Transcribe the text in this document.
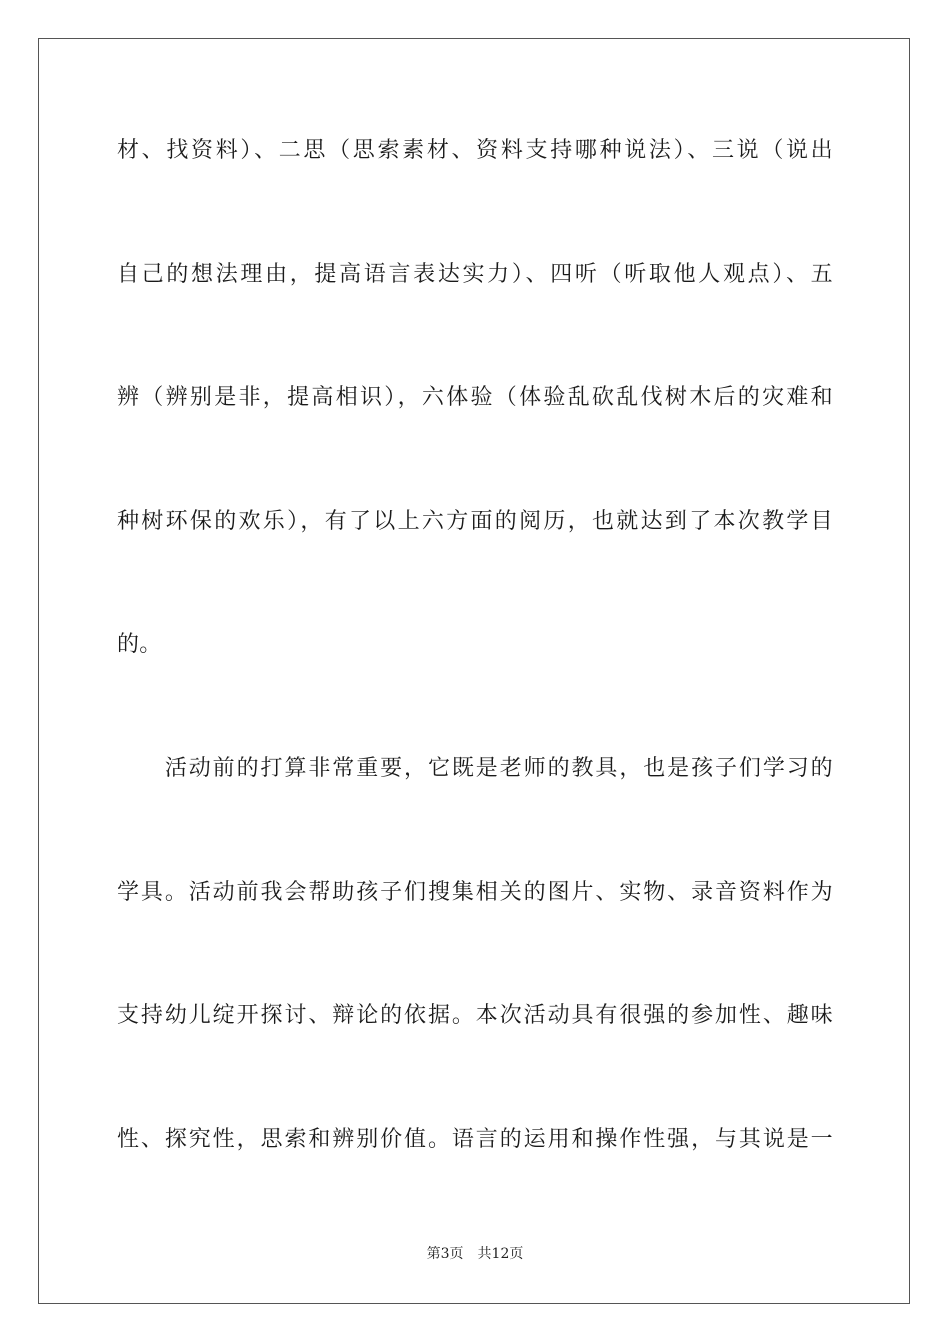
材、找资料）、二思（思索素材、资料支持哪种说法）、三说（说出
自己的想法理由，提高语言表达实力）、四听（听取他人观点）、五
辨（辨别是非，提高相识），六体验（体验乱砍乱伐树木后的灾难和
种树环保的欢乐），有了以上六方面的阅历，也就达到了本次教学目
的。
　　活动前的打算非常重要，它既是老师的教具，也是孩子们学习的
学具。活动前我会帮助孩子们搜集相关的图片、实物、录音资料作为
支持幼儿绽开探讨、辩论的依据。本次活动具有很强的参加性、趣味
性、探究性，思索和辨别价值。语言的运用和操作性强，与其说是一
第3页 共12页
